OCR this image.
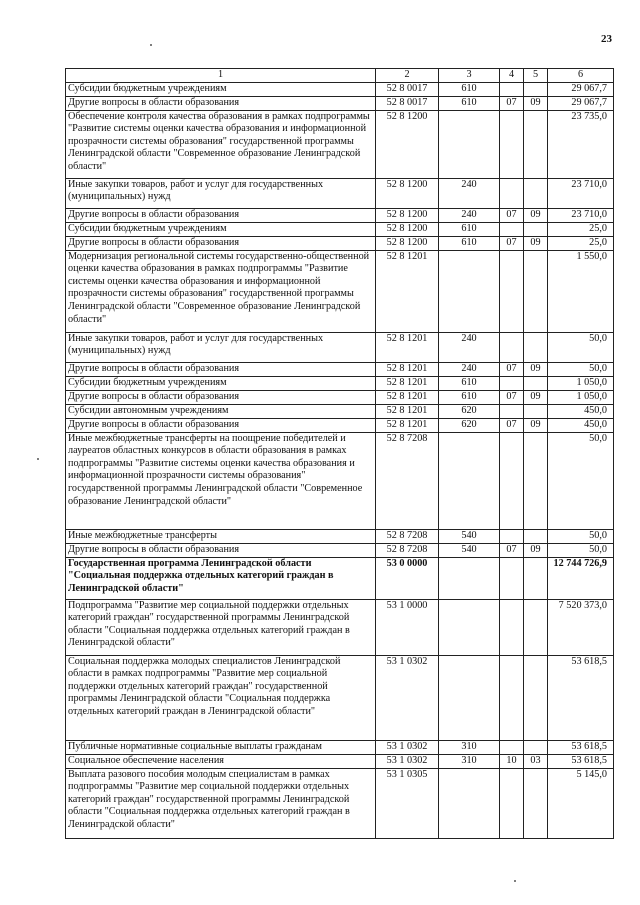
23
1	2	3	4	5	6
Субсидии бюджетным учреждениям	52 8 0017	610			29 067,7
Другие вопросы в области образования	52 8 0017	610	07	09	29 067,7
Обеспечение контроля качества образования в рамках подпрограммы "Развитие системы оценки качества образования и информационной прозрачности системы образования" государственной программы Ленинградской области "Современное образование Ленинградской области"	52 8 1200				23 735,0
Иные закупки товаров, работ и услуг для государственных (муниципальных) нужд	52 8 1200	240			23 710,0
Другие вопросы в области образования	52 8 1200	240	07	09	23 710,0
Субсидии бюджетным учреждениям	52 8 1200	610			25,0
Другие вопросы в области образования	52 8 1200	610	07	09	25,0
Модернизация региональной системы государственно-общественной оценки качества образования в рамках подпрограммы "Развитие системы оценки качества образования и информационной прозрачности системы образования" государственной программы Ленинградской области "Современное образование Ленинградской области"	52 8 1201				1 550,0
Иные закупки товаров, работ и услуг для государственных (муниципальных) нужд	52 8 1201	240			50,0
Другие вопросы в области образования	52 8 1201	240	07	09	50,0
Субсидии бюджетным учреждениям	52 8 1201	610			1 050,0
Другие вопросы в области образования	52 8 1201	610	07	09	1 050,0
Субсидии автономным учреждениям	52 8 1201	620			450,0
Другие вопросы в области образования	52 8 1201	620	07	09	450,0
Иные межбюджетные трансферты на поощрение победителей и лауреатов областных конкурсов в области образования в рамках подпрограммы "Развитие системы оценки качества образования и информационной прозрачности системы образования" государственной программы Ленинградской области "Современное образование Ленинградской области"	52 8 7208				50,0
Иные межбюджетные трансферты	52 8 7208	540			50,0
Другие вопросы в области образования	52 8 7208	540	07	09	50,0
Государственная программа Ленинградской области "Социальная поддержка отдельных категорий граждан в Ленинградской области"	53 0 0000				12 744 726,9
Подпрограмма "Развитие мер социальной поддержки отдельных категорий граждан" государственной программы Ленинградской области "Социальная поддержка отдельных категорий граждан в Ленинградской области"	53 1 0000				7 520 373,0
Социальная поддержка молодых специалистов Ленинградской области в рамках подпрограммы "Развитие мер социальной поддержки отдельных категорий граждан" государственной программы Ленинградской области "Социальная поддержка отдельных категорий граждан в Ленинградской области"	53 1 0302				53 618,5
Публичные нормативные социальные выплаты гражданам	53 1 0302	310			53 618,5
Социальное обеспечение населения	53 1 0302	310	10	03	53 618,5
Выплата разового пособия молодым специалистам в рамках подпрограммы "Развитие мер социальной поддержки отдельных категорий граждан" государственной программы Ленинградской области "Социальная поддержка отдельных категорий граждан в Ленинградской области"	53 1 0305				5 145,0
